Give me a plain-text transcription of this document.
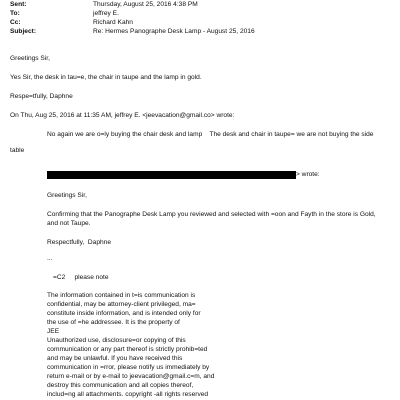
Sent:	Thursday, August 25, 2016 4:38 PM
To:	jeffrey E.
Cc:	Richard Kahn
Subject:	Re: Hermes Panographe Desk Lamp - August 25, 2016
Greetings Sir,
Yes Sir, the desk in tau=e, the chair in taupe and the lamp in gold.
Respe=tfully, Daphne
On Thu, Aug 25, 2016 at 11:35 AM, jeffrey E. <jeevacation@gmail.co> wrote:
No again we are o=ly buying the chair desk and lamp    The desk and chair in taupe= we are not buying the side
table
> wrote:
Greetings Sir,
Confirming that the Panographe Desk Lamp you reviewed and selected with =oon and Fayth in the store is Gold,
and not Taupe.
Respectfully,  Daphne
...
=C2     please note
The information contained in t=is communication is
confidential, may be attorney-client privileged, ma=
constitute inside information, and is intended only for
the use of =he addressee. It is the property of
JEE
Unauthorized use, disclosure=or copying of this
communication or any part thereof is strictly prohib=ted
and may be unlawful. If you have received this
communication in =rror, please notify us immediately by
return e-mail or by e-mail to jeevacation@gmail.c=m, and
destroy this communication and all copies thereof,
includ=ng all attachments. copyright -all rights reserved
